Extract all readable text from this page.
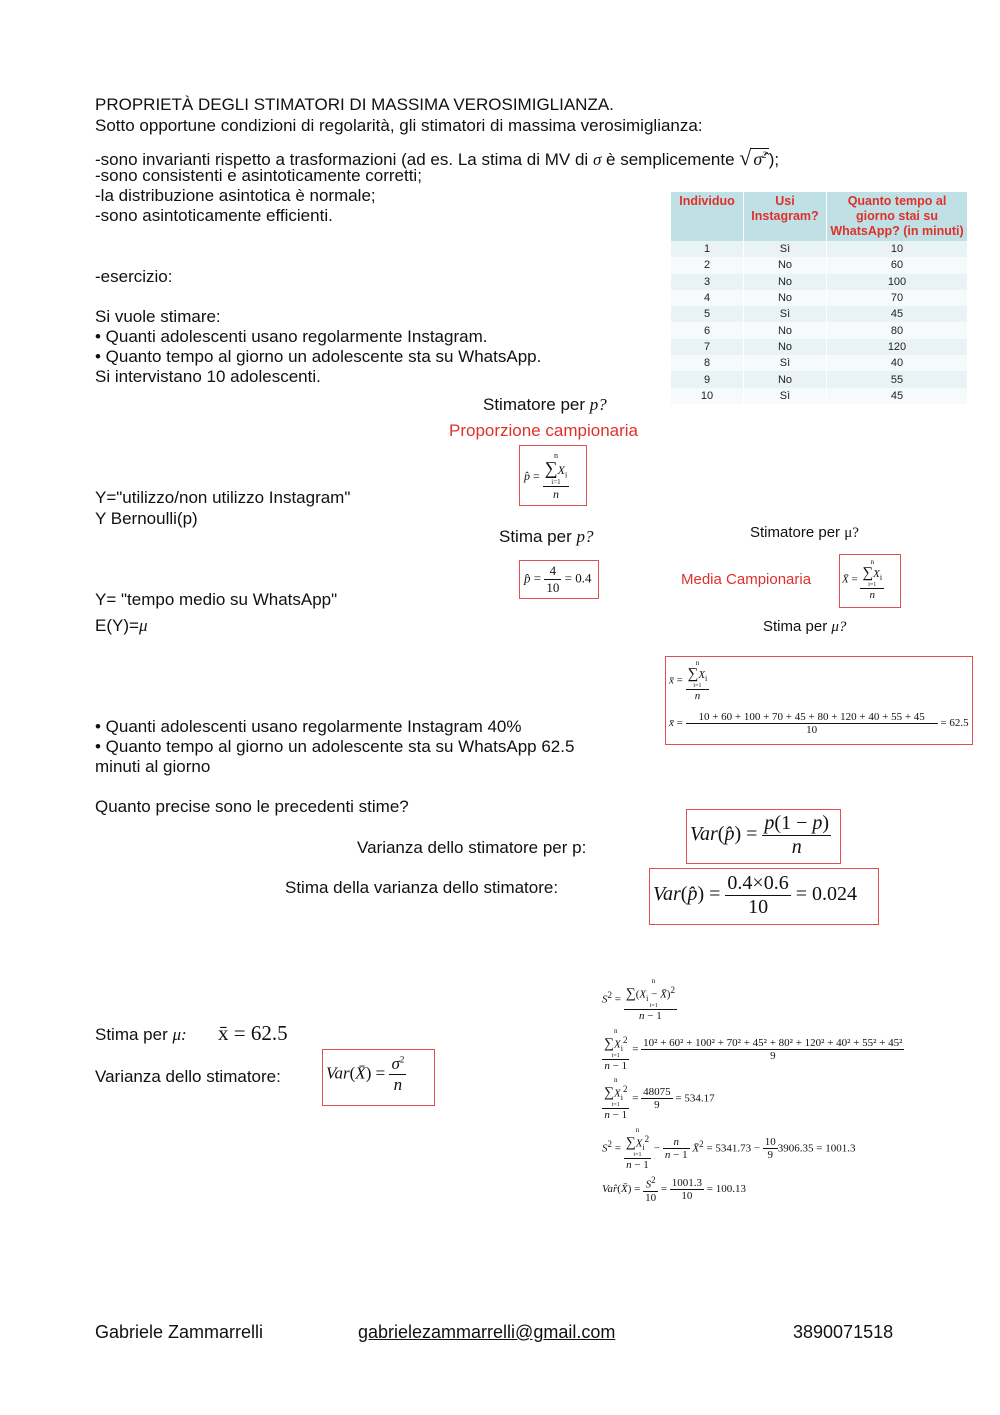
PROPRIETÀ DEGLI STIMATORI DI MASSIMA VEROSIMIGLIANZA.
Sotto opportune condizioni di regolarità, gli stimatori di massima verosimiglianza:
-sono invarianti rispetto a trasformazioni (ad es. La stima di MV di σ è semplicemente √ σ̂$^2$ );
-sono consistenti e asintoticamente corretti;
-la distribuzione asintotica è normale;
-sono asintoticamente efficienti.
Individuo	Usi Instagram?	Quanto tempo al giorno stai su WhatsApp? (in minuti)
1	Sì	10
2	No	60
3	No	100
4	No	70
5	Sì	45
6	No	80
7	No	120
8	Sì	40
9	No	55
10	Sì	45
-esercizio:
Si vuole stimare:
• Quanti adolescenti usano regolarmente Instagram.
• Quanto tempo al giorno un adolescente sta su WhatsApp.
Si intervistano 10 adolescenti.
Stimatore per p?
Proporzione campionaria
p̂ = n
$\sum X_i$
i=1
n
Y="utilizzo/non utilizzo Instagram"
Y Bernoulli(p)
Stima per p?
p̂ = $\frac{4}{10} = 0.4$
Y= "tempo medio su WhatsApp"
E(Y)=μ
Stimatore per μ?
Media Campionaria	X̄ = n
$\sum X_i$
i=1
n
Stima per μ?
x̄ = n
$\sum X_i$
i=1
n
x̄ = $\frac{10 + 60 + 100 + 70 + 45 + 80 + 120 + 40 + 55 + 45}{10} = 62.5$
• Quanti adolescenti usano regolarmente Instagram 40%
• Quanto tempo al giorno un adolescente sta su WhatsApp 62.5
minuti al giorno
Quanto precise sono le precedenti stime?
Varianza dello stimatore per p:
Var(p̂) = $\frac{p(1 - p)}{n}$
Stima della varianza dello stimatore:	Var(p̂) = $\frac{0.4\times 0.6}{10} = 0.024$
Stima per μ: x̄ = 62.5
Varianza dello stimatore:	Var(X̄) = $\frac{\sigma^2}{n}$
$S^2 = n$
$\sum(X_i$ − X̄)$^2$
i=1
n − 1
n
$\sum X_i^2$
i=1
$n - 1 = \frac{\text{10² + 60² + 100² + 70² + 45² + 80² + 120² + 40² + 55² + 45²}}{9}$
n
$\sum X_i^2$
i=1
$n - 1 = \frac{48075}{9} = 534.17$
$S^2 = n$
$\sum X_i^2$
i=1
$n - 1 - \frac{n}{n - 1}$ X̄$^2$ = $5341.73 - \frac{10}{9} 3906.35 = 1001.3$
Var̂(X̄) = $\frac{S^2}{10} = \frac{1001.3}{10} = 100.13$
Gabriele Zammarrelli	gabrielezammarrelli@gmail.com	3890071518
